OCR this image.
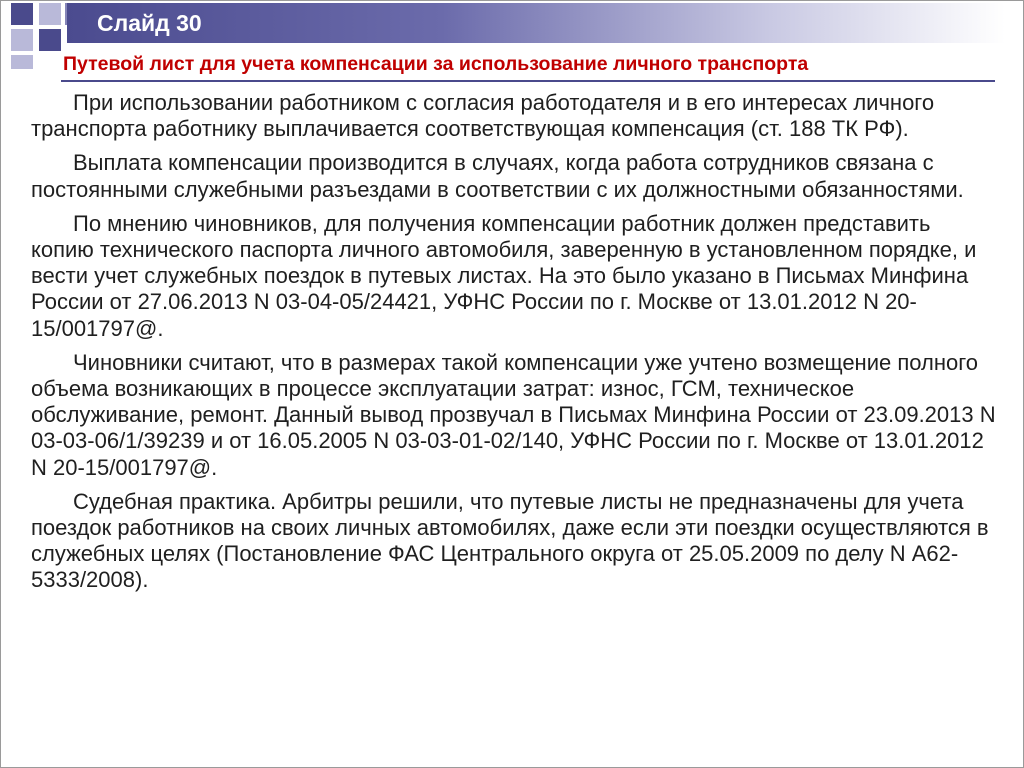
Слайд 30
Путевой лист для учета компенсации за использование личного транспорта

При использовании работником с согласия работодателя и в его интересах личного транспорта работнику выплачивается соответствующая компенсация (ст. 188 ТК РФ).

Выплата компенсации производится в случаях, когда работа сотрудников связана с постоянными служебными разъездами в соответствии с их должностными обязанностями.

По мнению чиновников, для получения компенсации работник должен представить копию технического паспорта личного автомобиля, заверенную в установленном порядке, и вести учет служебных поездок в путевых листах. На это было указано в Письмах Минфина России от 27.06.2013 N 03-04-05/24421, УФНС России по г. Москве от 13.01.2012 N 20-15/001797@.

Чиновники считают, что в размерах такой компенсации уже учтено возмещение полного объема возникающих в процессе эксплуатации затрат: износ, ГСМ, техническое обслуживание, ремонт. Данный вывод прозвучал в Письмах Минфина России от 23.09.2013 N 03-03-06/1/39239 и от 16.05.2005 N 03-03-01-02/140, УФНС России по г. Москве от 13.01.2012 N 20-15/001797@.

Судебная практика. Арбитры решили, что путевые листы не предназначены для учета поездок работников на своих личных автомобилях, даже если эти поездки осуществляются в служебных целях (Постановление ФАС Центрального округа от 25.05.2009 по делу N А62-5333/2008).
